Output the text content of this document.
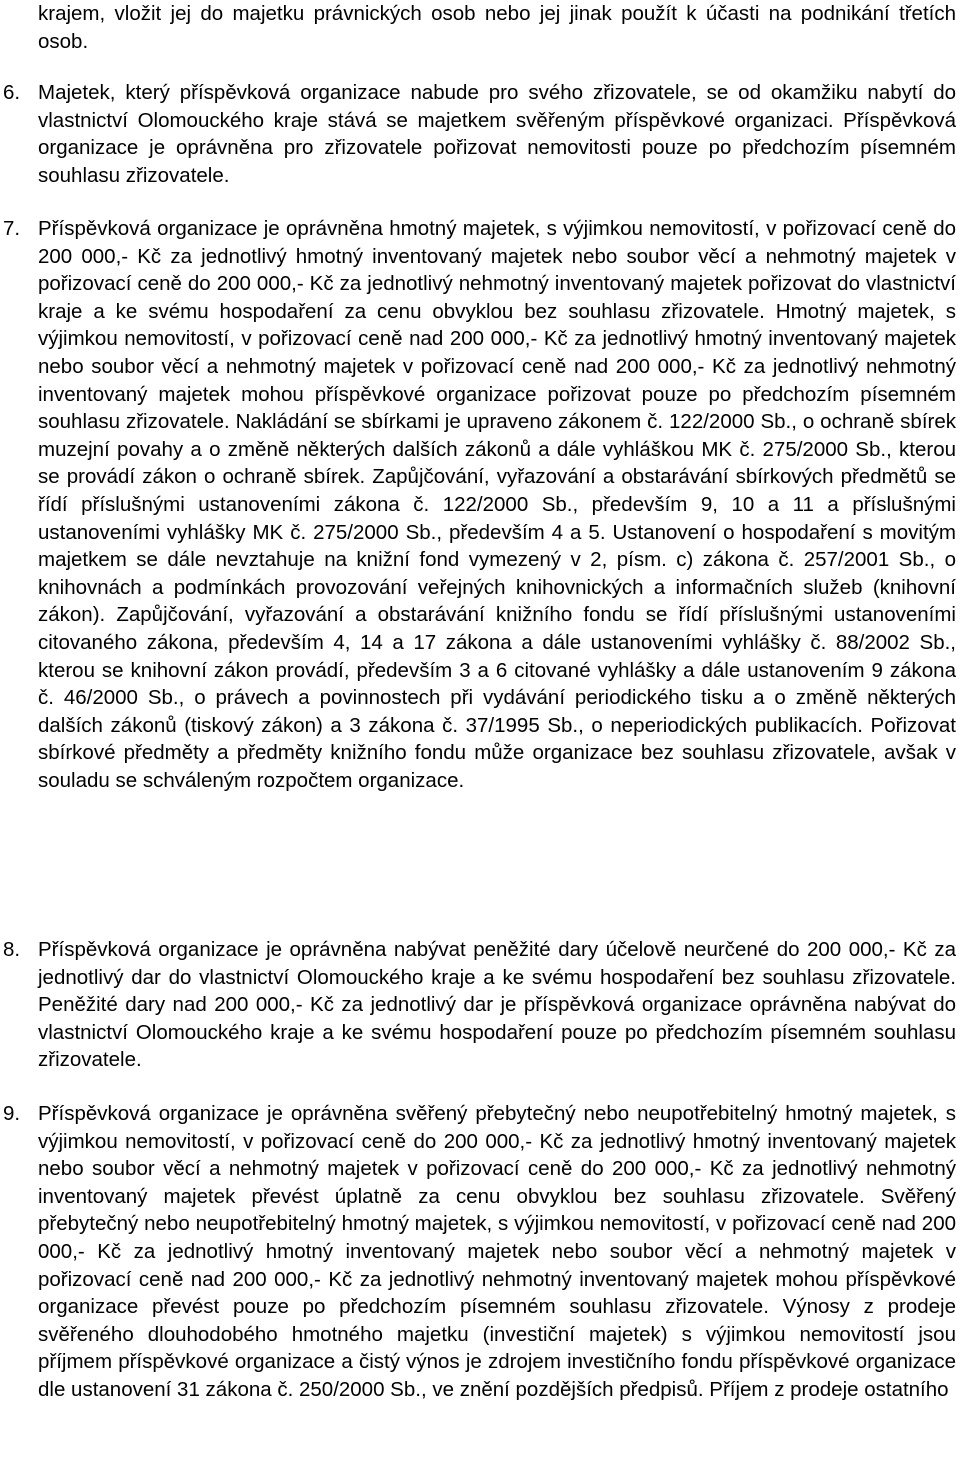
krajem, vložit jej do majetku právnických osob nebo jej jinak použít k účasti na podnikání třetích osob.
6. Majetek, který příspěvková organizace nabude pro svého zřizovatele, se od okamžiku nabytí do vlastnictví Olomouckého kraje stává se majetkem svěřeným příspěvkové organizaci. Příspěvková organizace je oprávněna pro zřizovatele pořizovat nemovitosti pouze po předchozím písemném souhlasu zřizovatele.
7. Příspěvková organizace je oprávněna hmotný majetek, s výjimkou nemovitostí, v pořizovací ceně do 200 000,- Kč za jednotlivý hmotný inventovaný majetek nebo soubor věcí a nehmotný majetek v pořizovací ceně do 200 000,- Kč za jednotlivý nehmotný inventovaný majetek pořizovat do vlastnictví kraje a ke svému hospodaření za cenu obvyklou bez souhlasu zřizovatele. Hmotný majetek, s výjimkou nemovitostí, v pořizovací ceně nad 200 000,- Kč za jednotlivý hmotný inventovaný majetek nebo soubor věcí a nehmotný majetek v pořizovací ceně nad 200 000,- Kč za jednotlivý nehmotný inventovaný majetek mohou příspěvkové organizace pořizovat pouze po předchozím písemném souhlasu zřizovatele. Nakládání se sbírkami je upraveno zákonem č. 122/2000 Sb., o ochraně sbírek muzejní povahy a o změně některých dalších zákonů a dále vyhláškou MK č. 275/2000 Sb., kterou se provádí zákon o ochraně sbírek. Zapůjčování, vyřazování a obstarávání sbírkových předmětů se řídí příslušnými ustanoveními zákona č. 122/2000 Sb., především 9, 10 a 11 a příslušnými ustanoveními vyhlášky MK č. 275/2000 Sb., především 4 a 5. Ustanovení o hospodaření s movitým majetkem se dále nevztahuje na knižní fond vymezený v 2, písm. c) zákona č. 257/2001 Sb., o knihovnách a podmínkách provozování veřejných knihovnických a informačních služeb (knihovní zákon). Zapůjčování, vyřazování a obstarávání knižního fondu se řídí příslušnými ustanoveními citovaného zákona, především 4, 14 a 17 zákona a dále ustanoveními vyhlášky č. 88/2002 Sb., kterou se knihovní zákon provádí, především 3 a 6 citované vyhlášky a dále ustanovením 9 zákona č. 46/2000 Sb., o právech a povinnostech při vydávání periodického tisku a o změně některých dalších zákonů (tiskový zákon) a 3 zákona č. 37/1995 Sb., o neperiodických publikacích. Pořizovat sbírkové předměty a předměty knižního fondu může organizace bez souhlasu zřizovatele, avšak v souladu se schváleným rozpočtem organizace.
8. Příspěvková organizace je oprávněna nabývat peněžité dary účelově neurčené do 200 000,- Kč za jednotlivý dar do vlastnictví Olomouckého kraje a ke svému hospodaření bez souhlasu zřizovatele. Peněžité dary nad 200 000,- Kč za jednotlivý dar je příspěvková organizace oprávněna nabývat do vlastnictví Olomouckého kraje a ke svému hospodaření pouze po předchozím písemném souhlasu zřizovatele.
9. Příspěvková organizace je oprávněna svěřený přebytečný nebo neupotřebitelný hmotný majetek, s výjimkou nemovitostí, v pořizovací ceně do 200 000,- Kč za jednotlivý hmotný inventovaný majetek nebo soubor věcí a nehmotný majetek v pořizovací ceně do 200 000,- Kč za jednotlivý nehmotný inventovaný majetek převést úplatně za cenu obvyklou bez souhlasu zřizovatele. Svěřený přebytečný nebo neupotřebitelný hmotný majetek, s výjimkou nemovitostí, v pořizovací ceně nad 200 000,- Kč za jednotlivý hmotný inventovaný majetek nebo soubor věcí a nehmotný majetek v pořizovací ceně nad 200 000,- Kč za jednotlivý nehmotný inventovaný majetek mohou příspěvkové organizace převést pouze po předchozím písemném souhlasu zřizovatele. Výnosy z prodeje svěřeného dlouhodobého hmotného majetku (investiční majetek) s výjimkou nemovitostí jsou příjmem příspěvkové organizace a čistý výnos je zdrojem investičního fondu příspěvkové organizace dle ustanovení 31 zákona č. 250/2000 Sb., ve znění pozdějších předpisů. Příjem z prodeje ostatního
